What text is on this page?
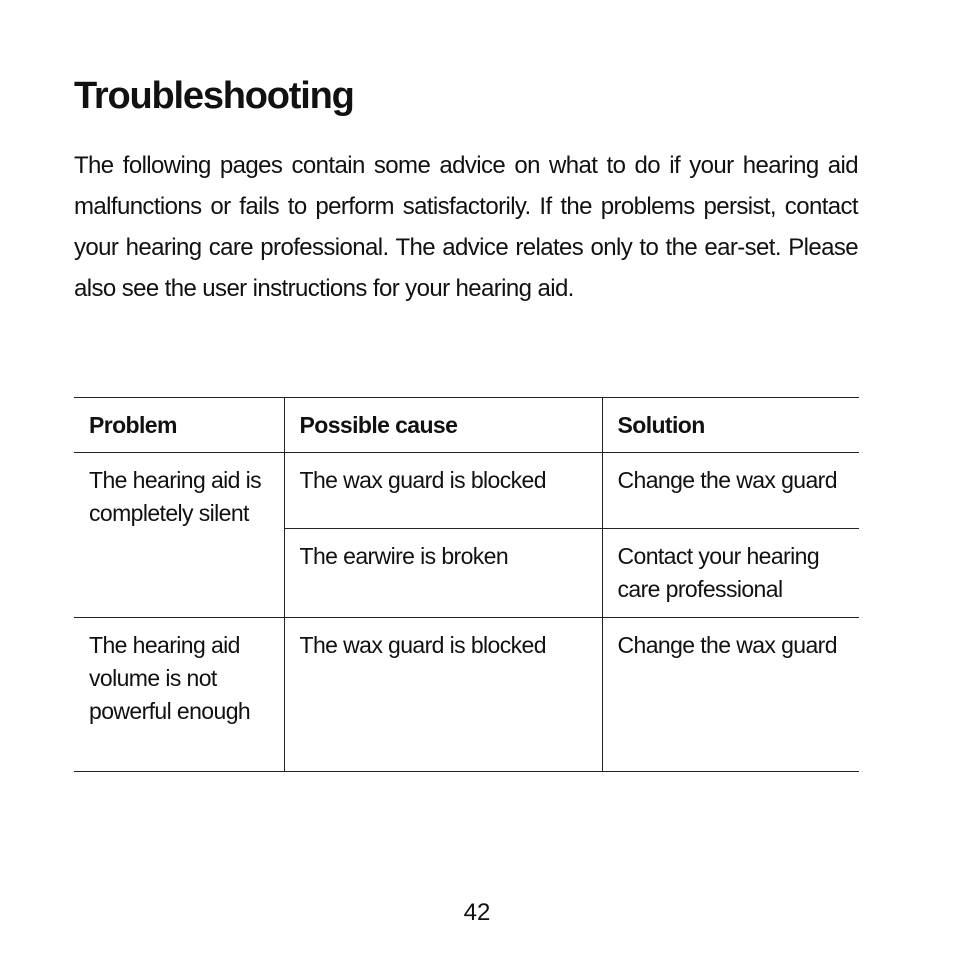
Troubleshooting

The following pages contain some advice on what to do if your hearing aid malfunctions or fails to perform satisfactorily. If the problems persist, contact your hearing care professional. The advice relates only to the ear-set. Please also see the user instructions for your hearing aid.

Problem	Possible cause	Solution
The hearing aid is completely silent	The wax guard is blocked	Change the wax guard
	The earwire is broken	Contact your hearing care professional
The hearing aid volume is not powerful enough	The wax guard is blocked	Change the wax guard
42
